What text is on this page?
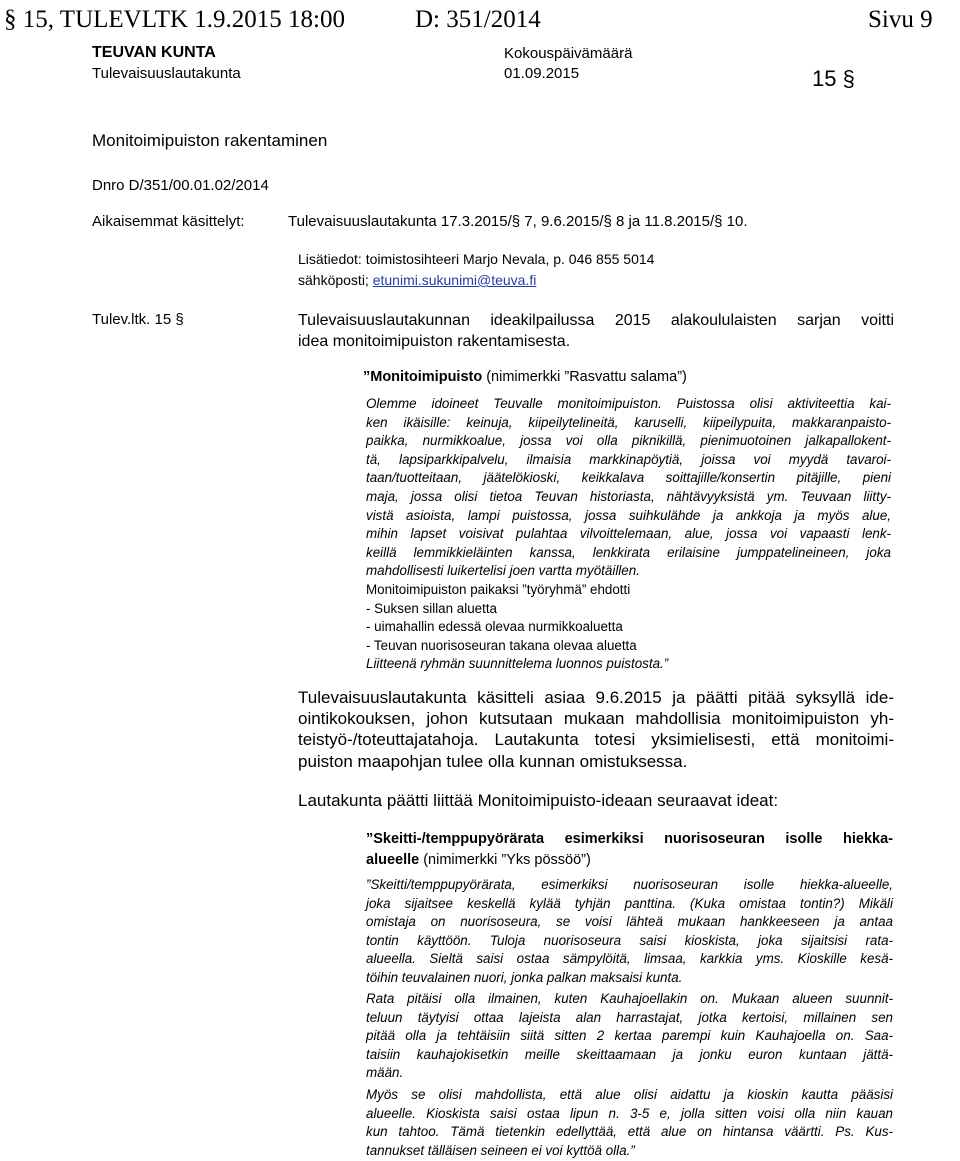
§ 15, TULEVLTK 1.9.2015 18:00	D: 351/2014	Sivu 9
TEUVAN KUNTA
Tulevaisuuslautakunta
Kokouspäivämäärä
01.09.2015	15 §
Monitoimipuiston rakentaminen
Dnro D/351/00.01.02/2014
Aikaisemmat käsittelyt:	Tulevaisuuslautakunta 17.3.2015/§ 7, 9.6.2015/§ 8 ja 11.8.2015/§ 10.
Lisätiedot: toimistosihteeri Marjo Nevala, p. 046 855 5014
sähköposti; etunimi.sukunimi@teuva.fi
Tulev.ltk. 15 §	Tulevaisuuslautakunnan ideakilpailussa 2015 alakoululaisten sarjan voitti
idea monitoimipuiston rakentamisesta.
”Monitoimipuisto (nimimerkki ”Rasvattu salama”)
Olemme idoineet Teuvalle monitoimipuiston. Puistossa olisi aktiviteettia kai-
ken ikäisille: keinuja, kiipeilytelineitä, karuselli, kiipeilypuita, makkaranpaisto-
paikka, nurmikkoalue, jossa voi olla piknikillä, pienimuotoinen jalkapallokent-
tä, lapsiparkkipalvelu, ilmaisia markkinapöytiä, joissa voi myydä tavaroi-
taan/tuotteitaan, jäätelökioski, keikkalava soittajille/konsertin pitäjille, pieni
maja, jossa olisi tietoa Teuvan historiasta, nähtävyyksistä ym. Teuvaan liitty-
vistä asioista, lampi puistossa, jossa suihkulähde ja ankkoja ja myös alue,
mihin lapset voisivat pulahtaa vilvoittelemaan, alue, jossa voi vapaasti lenk-
keillä lemmikkieläinten kanssa, lenkkirata erilaisine jumppatelineineen, joka
mahdollisesti luikertelisi joen vartta myötäillen.
Monitoimipuiston paikaksi ”työryhmä” ehdotti
- Suksen sillan aluetta
- uimahallin edessä olevaa nurmikkoaluetta
- Teuvan nuorisoseuran takana olevaa aluetta
Liitteenä ryhmän suunnittelema luonnos puistosta.”
Tulevaisuuslautakunta käsitteli asiaa 9.6.2015 ja päätti pitää syksyllä ide-
ointikokouksen, johon kutsutaan mukaan mahdollisia monitoimipuiston yh-
teistyö-/toteuttajatahoja. Lautakunta totesi yksimielisesti, että monitoimi-
puiston maapohjan tulee olla kunnan omistuksessa.
Lautakunta päätti liittää Monitoimipuisto-ideaan seuraavat ideat:
”Skeitti-/temppupyörärata esimerkiksi nuorisoseuran isolle hiekka-
alueelle (nimimerkki ”Yks pössöö”)
”Skeitti/temppupyörärata, esimerkiksi nuorisoseuran isolle hiekka-alueelle,
joka sijaitsee keskellä kylää tyhjän panttina. (Kuka omistaa tontin?) Mikäli
omistaja on nuorisoseura, se voisi lähteä mukaan hankkeeseen ja antaa
tontin käyttöön. Tuloja nuorisoseura saisi kioskista, joka sijaitsisi rata-
alueella. Sieltä saisi ostaa sämpylöitä, limsaa, karkkia yms. Kioskille kesä-
töihin teuvalainen nuori, jonka palkan maksaisi kunta.
Rata pitäisi olla ilmainen, kuten Kauhajoellakin on. Mukaan alueen suunnit-
teluun täytyisi ottaa lajeista alan harrastajat, jotka kertoisi, millainen sen
pitää olla ja tehtäisiin siitä sitten 2 kertaa parempi kuin Kauhajoella on. Saa-
taisiin kauhajokisetkin meille skeittaamaan ja jonku euron kuntaan jättä-
mään.
Myös se olisi mahdollista, että alue olisi aidattu ja kioskin kautta pääsisi
alueelle. Kioskista saisi ostaa lipun n. 3-5 e, jolla sitten voisi olla niin kauan
kun tahtoo. Tämä tietenkin edellyttää, että alue on hintansa väärtti. Ps. Kus-
tannukset tälläisen seineen ei voi kyttöä olla.”
